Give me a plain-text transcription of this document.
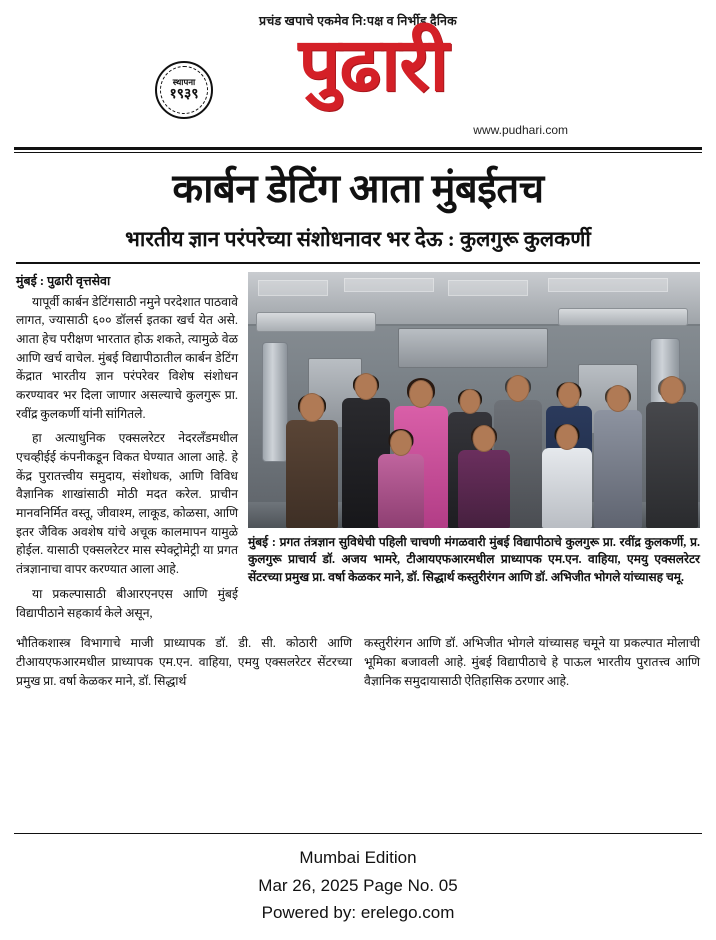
प्रचंड खपाचे एकमेव नि:पक्ष व निर्भीड दैनिक
स्थापना
१९३९ पुढारी
www.pudhari.com
कार्बन डेटिंग आता मुंबईतच
भारतीय ज्ञान परंपरेच्या संशोधनावर भर देऊ : कुलगुरू कुलकर्णी
मुंबई : पुढारी वृत्तसेवा

यापूर्वी कार्बन डेटिंगसाठी नमुने परदेशात पाठवावे लागत, ज्यासाठी ६०० डॉलर्स इतका खर्च येत असे. आता हेच परीक्षण भारतात होऊ शकते, त्यामुळे वेळ आणि खर्च वाचेल. मुंबई विद्यापीठातील कार्बन डेटिंग केंद्रात भारतीय ज्ञान परंपरेवर विशेष संशोधन करण्यावर भर दिला जाणार असल्याचे कुलगुरू प्रा. रवींद्र कुलकर्णी यांनी सांगितले.

हा अत्याधुनिक एक्सलरेटर नेदरलँडमधील एचव्हीईई कंपनीकडून विकत घेण्यात आला आहे. हे केंद्र पुरातत्त्वीय समुदाय, संशोधक, आणि विविध वैज्ञानिक शाखांसाठी मोठी मदत करेल. प्राचीन मानवनिर्मित वस्तू, जीवाश्म, लाकूड, कोळसा, आणि इतर जैविक अवशेष यांचे अचूक कालमापन यामुळे होईल. यासाठी एक्सलरेटर मास स्पेक्ट्रोमेट्री या प्रगत तंत्रज्ञानाचा वापर करण्यात आला आहे.

या प्रकल्पासाठी बीआरएनएस आणि मुंबई विद्यापीठाने सहकार्य केले असून,

मुंबई : प्रगत तंत्रज्ञान सुविधेची पहिली चाचणी मंगळवारी मुंबई विद्यापीठाचे कुलगुरू प्रा. रवींद्र कुलकर्णी, प्र. कुलगुरू प्राचार्य डॉ. अजय भामरे, टीआयएफआरमधील प्राध्यापक एम.एन. वाहिया, एमयु एक्सलरेटर सेंटरच्या प्रमुख प्रा. वर्षा केळकर माने, डॉ. सिद्धार्थ कस्तुरीरंगन आणि डॉ. अभिजीत भोगले यांच्यासह चमू.

भौतिकशास्त्र विभागाचे माजी प्राध्यापक डॉ. डी. सी. कोठारी आणि टीआयएफआरमधील प्राध्यापक एम.एन. वाहिया, एमयु एक्सलरेटर सेंटरच्या प्रमुख प्रा. वर्षा केळकर माने, डॉ. सिद्धार्थ

कस्तुरीरंगन आणि डॉ. अभिजीत भोगले यांच्यासह चमूने या प्रकल्पात मोलाची भूमिका बजावली आहे. मुंबई विद्यापीठाचे हे पाऊल भारतीय पुरातत्त्व आणि वैज्ञानिक समुदायासाठी ऐतिहासिक ठरणार आहे.

Mumbai Edition
Mar 26, 2025 Page No. 05
Powered by: erelego.com
